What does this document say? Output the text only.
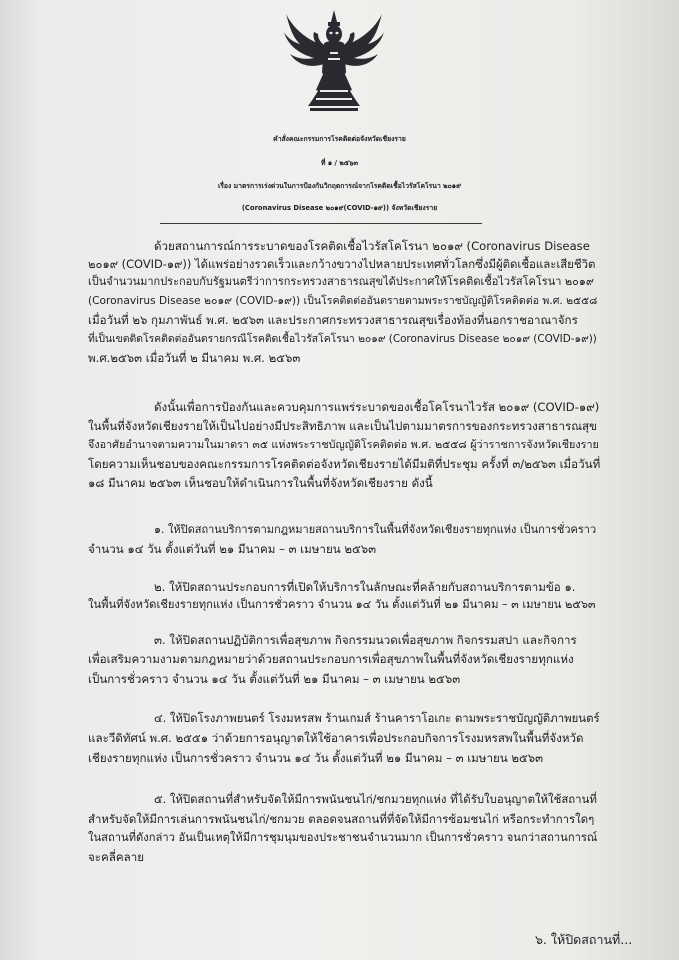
คำสั่งคณะกรรมการโรคติดต่อจังหวัดเชียงราย
ที่ ๑ / ๒๕๖๓
เรื่อง มาตรการเร่งด่วนในการป้องกันวิกฤตการณ์จากโรคติดเชื้อไวรัสโคโรนา ๒๐๑๙
(Coronavirus Disease ๒๐๑๙(COVID-๑๙)) จังหวัดเชียงราย
ด้วยสถานการณ์การระบาดของโรคติดเชื้อไวรัสโคโรนา ๒๐๑๙ (Coronavirus Disease
๒๐๑๙ (COVID-๑๙)) ได้แพร่อย่างรวดเร็วและกว้างขวางไปหลายประเทศทั่วโลกซึ่งมีผู้ติดเชื้อและเสียชีวิต
เป็นจำนวนมากประกอบกับรัฐมนตรีว่าการกระทรวงสาธารณสุขได้ประกาศให้โรคติดเชื้อไวรัสโคโรนา ๒๐๑๙
(Coronavirus Disease ๒๐๑๙ (COVID-๑๙)) เป็นโรคติดต่ออันตรายตามพระราชบัญญัติโรคติดต่อ พ.ศ. ๒๕๕๘
เมื่อวันที่ ๒๖ กุมภาพันธ์ พ.ศ. ๒๕๖๓ และประกาศกระทรวงสาธารณสุขเรื่องท้องที่นอกราชอาณาจักร
ที่เป็นเขตติดโรคติดต่ออันตรายกรณีโรคติดเชื้อไวรัสโคโรนา ๒๐๑๙ (Coronavirus Disease ๒๐๑๙ (COVID-๑๙))
พ.ศ.๒๕๖๓ เมื่อวันที่ ๒ มีนาคม พ.ศ. ๒๕๖๓
ดังนั้นเพื่อการป้องกันและควบคุมการแพร่ระบาดของเชื้อโคโรนาไวรัส ๒๐๑๙ (COVID-๑๙)
ในพื้นที่จังหวัดเชียงรายให้เป็นไปอย่างมีประสิทธิภาพ และเป็นไปตามมาตรการของกระทรวงสาธารณสุข
จึงอาศัยอำนาจตามความในมาตรา ๓๕ แห่งพระราชบัญญัติโรคติดต่อ พ.ศ. ๒๕๕๘ ผู้ว่าราชการจังหวัดเชียงราย
โดยความเห็นชอบของคณะกรรมการโรคติดต่อจังหวัดเชียงรายได้มีมติที่ประชุม ครั้งที่ ๓/๒๕๖๓ เมื่อวันที่
๑๘ มีนาคม ๒๕๖๓ เห็นชอบให้ดำเนินการในพื้นที่จังหวัดเชียงราย ดังนี้
๑. ให้ปิดสถานบริการตามกฎหมายสถานบริการในพื้นที่จังหวัดเชียงรายทุกแห่ง เป็นการชั่วคราว
จำนวน ๑๔ วัน ตั้งแต่วันที่ ๒๑ มีนาคม – ๓ เมษายน ๒๕๖๓
๒. ให้ปิดสถานประกอบการที่เปิดให้บริการในลักษณะที่คล้ายกับสถานบริการตามข้อ ๑.
ในพื้นที่จังหวัดเชียงรายทุกแห่ง เป็นการชั่วคราว จำนวน ๑๔ วัน ตั้งแต่วันที่ ๒๑ มีนาคม – ๓ เมษายน ๒๕๖๓
๓. ให้ปิดสถานปฏิบัติการเพื่อสุขภาพ กิจกรรมนวดเพื่อสุขภาพ กิจกรรมสปา และกิจการ
เพื่อเสริมความงามตามกฎหมายว่าด้วยสถานประกอบการเพื่อสุขภาพในพื้นที่จังหวัดเชียงรายทุกแห่ง
เป็นการชั่วคราว จำนวน ๑๔ วัน ตั้งแต่วันที่ ๒๑ มีนาคม – ๓ เมษายน ๒๕๖๓
๔. ให้ปิดโรงภาพยนตร์ โรงมหรสพ ร้านเกมส์ ร้านคาราโอเกะ ตามพระราชบัญญัติภาพยนตร์
และวีดิทัศน์ พ.ศ. ๒๕๕๑ ว่าด้วยการอนุญาตให้ใช้อาคารเพื่อประกอบกิจการโรงมหรสพในพื้นที่จังหวัด
เชียงรายทุกแห่ง เป็นการชั่วคราว จำนวน ๑๔ วัน ตั้งแต่วันที่ ๒๑ มีนาคม – ๓ เมษายน ๒๕๖๓
๕. ให้ปิดสถานที่สำหรับจัดให้มีการพนันชนไก่/ชกมวยทุกแห่ง ที่ได้รับใบอนุญาตให้ใช้สถานที่
สำหรับจัดให้มีการเล่นการพนันชนไก่/ชกมวย ตลอดจนสถานที่ที่จัดให้มีการซ้อมชนไก่ หรือกระทำการใดๆ
ในสถานที่ดังกล่าว อันเป็นเหตุให้มีการชุมนุมของประชาชนจำนวนมาก เป็นการชั่วคราว จนกว่าสถานการณ์
จะคลี่คลาย
๖. ให้ปิดสถานที่...
